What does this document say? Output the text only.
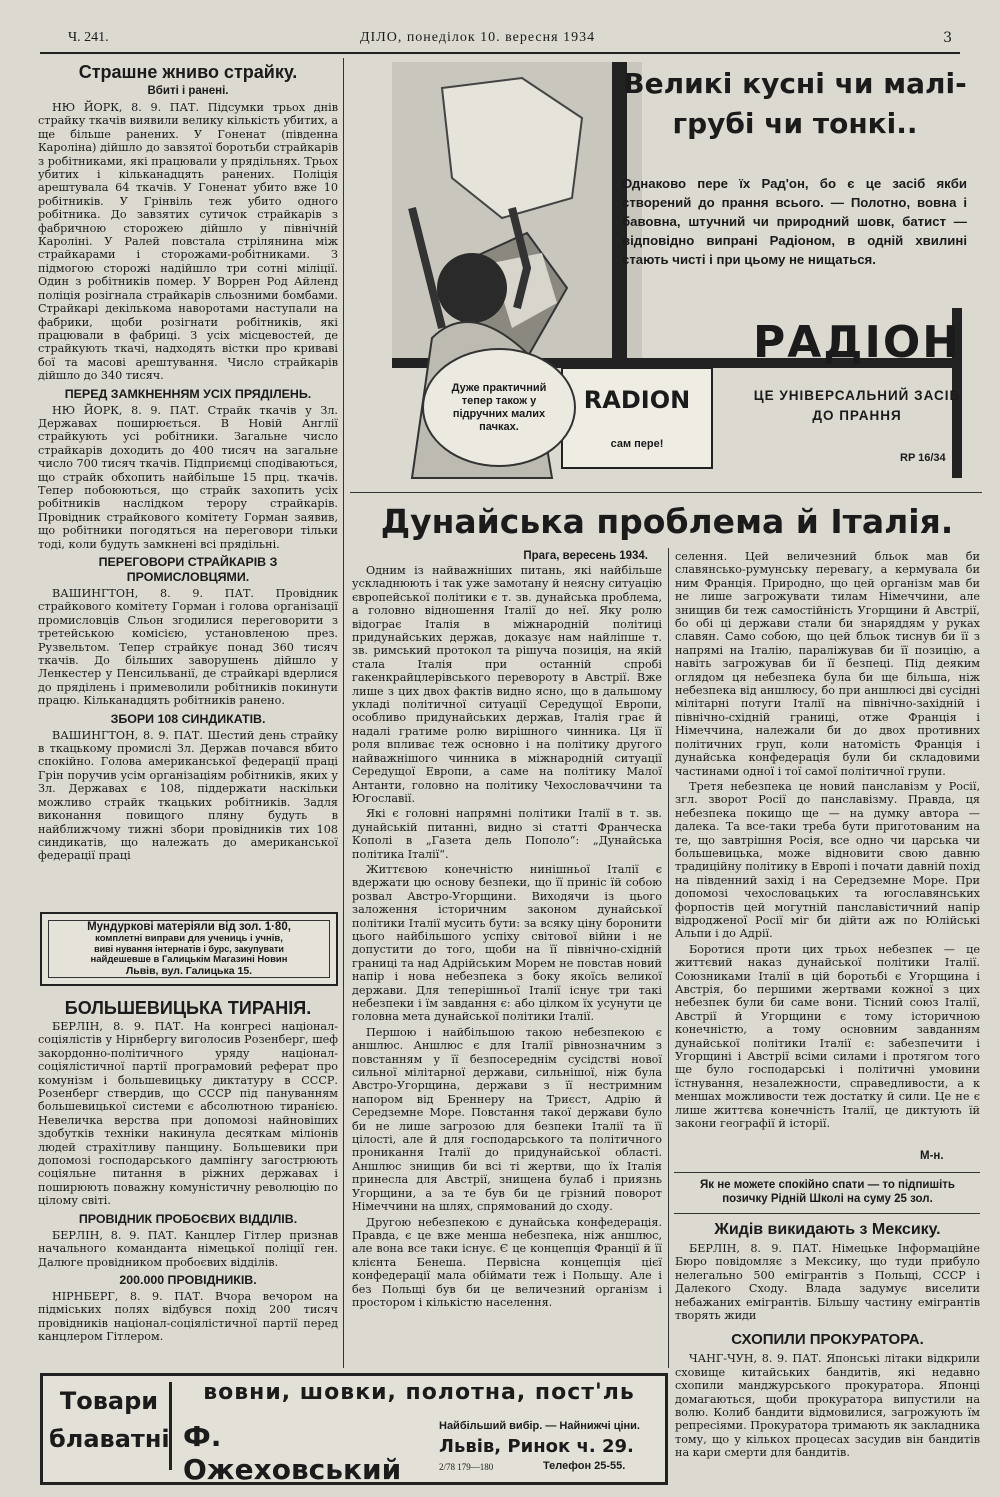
Ч. 241.	ДІЛО, понеділок 10. вересня 1934	3
Страшне жниво страйку.
Вбиті і ранені.

НЮ ЙОРК, 8. 9. ПАТ. Підсумки трьох днів страйку ткачів виявили велику кількість убитих, а ще більше ранених. У Гоненат (південна Кароліна) дійшло до завзятої боротьби страйкарів з робітниками, які працювали у прядільнях. Трьох убитих і кільканадцять ранених. Поліція арештувала 64 ткачів. У Гоненат убито вже 10 робітників. У Грінвіль теж убито одного робітника. До завзятих сутичок страйкарів з фабричною сторожею дійшло у північній Кароліні. У Ралей повстала стрілянина між страйкарами і сторожами-робітниками. З підмогою сторожі надійшло три сотні міліції. Один з робітників помер. У Воррен Род Айленд поліція розігнала страйкарів сльозними бомбами. Страйкарі декількома наворотами наступали на фабрики, щоби розігнати робітників, які працювали в фабриці. З усіх місцевостей, де страйкують ткачі, надходять вістки про криваві бої та масові арештування. Число страйкарів дійшло до 340 тисяч.

ПЕРЕД ЗАМКНЕННЯМ УСІХ ПРЯДІЛЕНЬ.

НЮ ЙОРК, 8. 9. ПАТ. Страйк ткачів у Зл. Державах поширюється. В Новій Англії страйкують усі робітники. Загальне число страйкарів доходить до 400 тисяч на загальне число 700 тисяч ткачів. Підприємці сподіваються, що страйк обхопить найбільше 15 прц. ткачів. Тепер побоюються, що страйк захопить усіх робітників наслідком терору страйкарів. Провідник страйкового комітету Горман заявив, що робітники погодяться на переговори тільки тоді, коли будуть замкнені всі прядільні.

ПЕРЕГОВОРИ СТРАЙКАРІВ З ПРОМИСЛОВЦЯМИ.

ВАШИНГТОН, 8. 9. ПАТ. Провідник страйкового комітету Горман і голова організації промисловців Сльон згодилися переговорити з третейською комісією, установленою през. Рузвельтом. Тепер страйкує понад 360 тисяч ткачів. До більших заворушень дійшло у Ленкестер у Пенсильванії, де страйкарі вдерлися до пряділень і примеволили робітників покинути працю. Кільканадцять робітників ранено.

ЗБОРИ 108 СИНДИКАТІВ.

ВАШИНГТОН, 8. 9. ПАТ. Шестий день страйку в ткацькому промислі Зл. Держав почався вбито спокійно. Голова американської федерації праці Грін поручив усім організаціям робітників, яких у Зл. Державах є 108, піддержати наскільки можливо страйк ткацьких робітників. Задля виконання повищого пляну будуть в найближчому тижні збори провідників тих 108 синдикатів, що належать до американської федерації праці

Мундуркові матеріяли від зол. 1·80,
комплетні виправи для учениць і учнів,
виві нування інтернатів і бурс, закупувати
найдешевше в Галицькім Магазині Новин
Львів, вул. Галицька 15.
БОЛЬШЕВИЦЬКА ТИРАНІЯ.

БЕРЛІН, 8. 9. ПАТ. На конгресі націонал-соціялістів у Нірнбергу виголосив Розенберг, шеф закордонно-політичного уряду націонал-соціялістичної партії програмовий реферат про комунізм і большевицьку диктатуру в СССР. Розенберг ствердив, що СССР під пануванням большевицької системи є абсолютною тиранією. Невеличка верства при допомозі найновіших здобутків техніки накинула десяткам міліонів людей страхітливу панщину. Большевики при допомозі господарського дампінгу загострюють соціяльне питання в ріжних державах і поширюють поважну комуністичну революцію по цілому світі.

ПРОВІДНИК ПРОБОЄВИХ ВІДДІЛІВ.

БЕРЛІН, 8. 9. ПАТ. Канцлер Гітлер признав начального команданта німецької поліції ген. Далюге провідником пробоєвих відділів.

200.000 ПРОВІДНИКІВ.

НІРНБЕРГ, 8. 9. ПАТ. Вчора вечором на підміських полях відбувся похід 200 тисяч провідників націонал-соціялістичної партії перед канцлером Гітлером.

Великі кусні чи малі-грубі чи тонкі..
Однаково пере їх Рад'он, бо є це засіб якби створений до прання всього. — Полотно, вовна і бавовна, штучний чи природний шовк, батист — відповідно випрані Радіоном, в одній хвилині стають чисті і при цьому не нищаться.
РАДІОН
ЦЕ УНІВЕРСАЛЬНИЙ ЗАСІБ
ДО ПРАННЯ
Дуже практичний тепер також у підручних малих пачках.
RADION
сам пере!
RP 16/34
Дунайська проблема й Італія.
Прага, вересень 1934.

Одним із найважніших питань, які найбільше ускладнюють і так уже замотану й неясну ситуацію європейської політики є т. зв. дунайська проблема, а головно відношення Італії до неї. Яку ролю відограє Італія в міжнародній політиці придунайських держав, доказує нам найліпше т. зв. римський протокол та рішуча позиція, на якій стала Італія при останній спробі гакенкрайцлерівського перевороту в Австрії. Вже лише з цих двох фактів видно ясно, що в дальшому укладі політичної ситуації Середущої Европи, особливо придунайських держав, Італія грає й надалі гратиме ролю вирішного чинника. Ця її роля впливає теж основно і на політику другого найважнішого чинника в міжнародній ситуації Середущої Европи, а саме на політику Малої Антанти, головно на політику Чехословаччини та Югославії.

Які є головні напрямні політики Італії в т. зв. дунайській питанні, видно зі статті Франческа Кополі в „Газета дель Пополо“: „Дунайська політика Італії“.

Життєвою конечністю нинішньої Італії є вдержати цю основу безпеки, що її приніс їй собою розвал Австро-Угорщини. Виходячи із цього заложення історичним законом дунайської політики Італії мусить бути: за всяку ціну боронити цього найбільшого успіху світової війни і не допустити до того, щоби на її північно-східній границі та над Адрійським Морем не повстав новий напір і нова небезпека з боку якоїсь великої держави. Для теперішньої Італії існує три такі небезпеки і їм завдання є: або цілком їх усунути це головна мета дунайської політики Італії.

Першою і найбільшою такою небезпекою є аншлюс. Аншлюс є для Італії рівнозначним з повстанням у її безпосереднім сусідстві нової сильної мілітарної держави, сильнішої, ніж була Австро-Угорщина, держави з її нестримним напором від Бреннеру на Триєст, Адрію й Середземне Море. Повстання такої держави було би не лише загрозою для безпеки Італії та її цілості, але й для господарського та політичного проникання Італії до придунайської області. Аншлюс знищив би всі ті жертви, що їх Італія принесла для Австрії, знищена булаб і приязнь Угорщини, а за те був би це грізний поворот Німеччини на шлях, спрямований до сходу.

Другою небезпекою є дунайська конфедерація. Правда, є це вже менша небезпека, ніж аншлюс, але вона все таки існує. Є це концепція Франції й її клієнта Бенеша. Первісна концепція цієї конфедерації мала обіймати теж і Польщу. Але і без Польщі був би це величезний організм і простором і кількістю населення.

селення. Цей величезний бльок мав би славянсько-румунську перевагу, а кермувала би ним Франція. Природно, що цей організм мав би не лише загрожувати тилам Німеччини, але знищив би теж самостійність Угорщини й Австрії, бо обі ці держави стали би знаряддям у руках славян. Само собою, що цей бльок тиснув би її з напрямі на Італію, параліжував би її позицію, а навіть загрожував би її безпеці. Під деяким оглядом ця небезпека була би ще більша, ніж небезпека від аншлюсу, бо при аншлюсі дві сусідні мілітарні потуги Італії на північно-західній і північно-східній границі, отже Франція і Німеччина, належали би до двох противних політичних груп, коли натомість Франція і дунайська конфедерація були би складовими частинами одної і тої самої політичної групи.

Третя небезпека це новий панславізм у Росії, згл. зворот Росії до панславізму. Правда, ця небезпека покищо ще — на думку автора — далека. Та все-таки треба бути приготованим на те, що завтрішня Росія, все одно чи царська чи большевицька, може відновити свою давню традиційну політику в Европі і почати давній похід на південний захід і на Середземне Море. При допомозі чехословацьких та югославянських форпостів цей могутній панславістичний напір відродженої Росії міг би дійти аж по Юлійські Альпи і до Адрії.

Боротися проти цих трьох небезпек — це життєвий наказ дунайської політики Італії. Союзниками Італії в цій боротьбі є Угорщина і Австрія, бо першими жертвами кожної з цих небезпек були би саме вони. Тісний союз Італії, Австрії й Угорщини є тому історичною конечністю, а тому основним завданням дунайської політики Італії є: забезпечити і Угорщині і Австрії всіми силами і протягом того ще було господарські і політичні умовини їстнування, незалежности, справедливости, а к меншах можливости теж достатку й сили. Це не є лише життєва конечність Італії, це диктують їй закони географії й історії.

М-н.
Як не можете спокійно спати — то підпишіть позичку Рідній Школі на суму 25 зол.
Жидів викидають з Мексику.

БЕРЛІН, 8. 9. ПАТ. Німецьке Інформаційне Бюро повідомляє з Мексику, що туди прибуло нелегально 500 емігрантів з Польщі, СССР і Далекого Сходу. Влада задумує виселити небажаних емігрантів. Більшу частину емігрантів творять жиди

СХОПИЛИ ПРОКУРАТОРА.

ЧАНГ-ЧУН, 8. 9. ПАТ. Японські літаки відкрили сховище китайських бандитів, які недавно схопили манджурського прокуратора. Японці домагаються, щоби прокуратора випустили на волю. Колиб бандити відмовилися, загрожують їм репресіями. Прокуратора тримають як закладника тому, що у кількох процесах засудив він бандитів на кари смерти для бандитів.

Товари
блаватні
вовни, шовки, полотна, пост'ль
Ф. Ожеховський
Найбільший вибір. — Найнижчі ціни.
Львів, Ринок ч. 29.
2/78 179—180	Телефон 25-55.
